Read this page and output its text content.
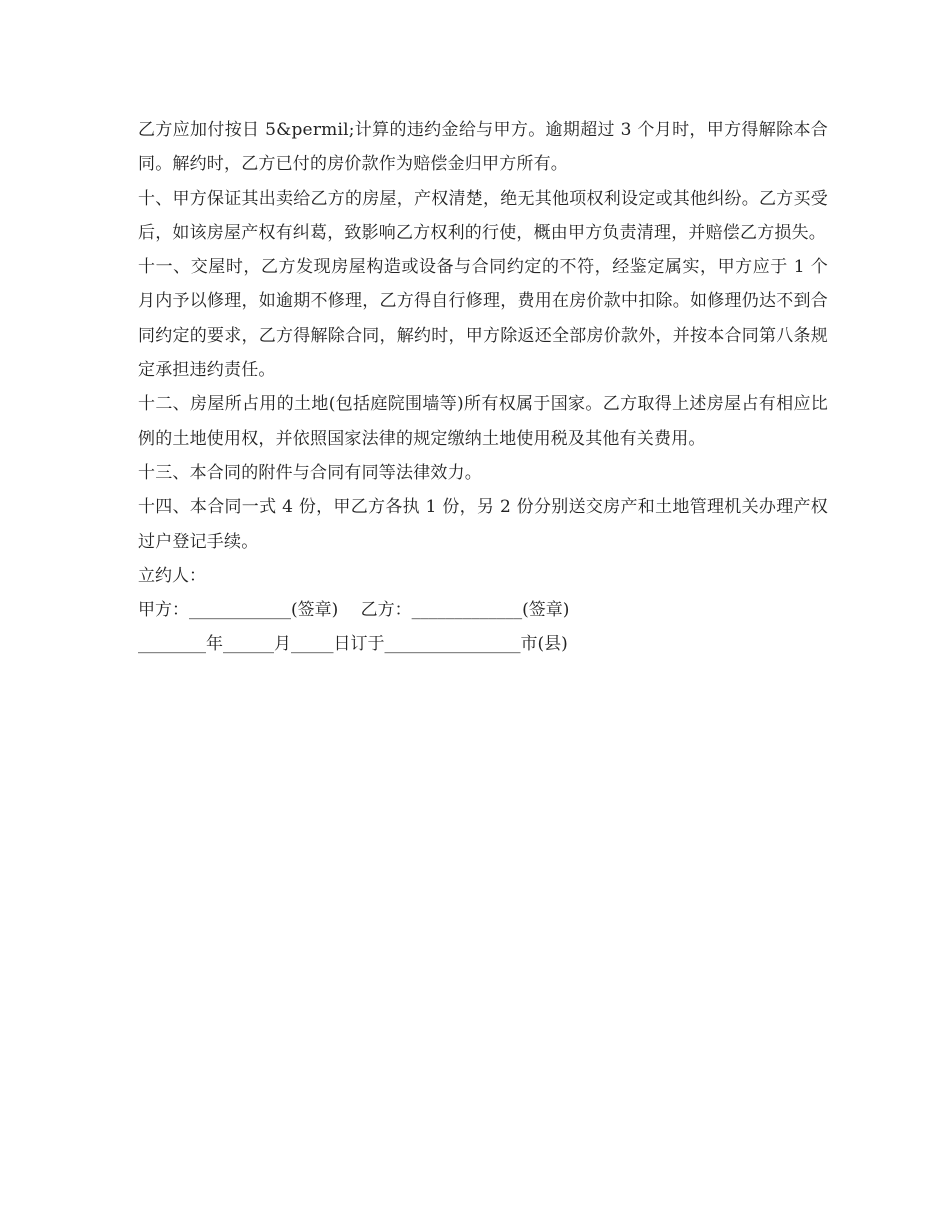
乙方应加付按日 5&permil;计算的违约金给与甲方。逾期超过 3 个月时，甲方得解除本合同。解约时，乙方已付的房价款作为赔偿金归甲方所有。

十、甲方保证其出卖给乙方的房屋，产权清楚，绝无其他项权利设定或其他纠纷。乙方买受后，如该房屋产权有纠葛，致影响乙方权利的行使，概由甲方负责清理，并赔偿乙方损失。

十一、交屋时，乙方发现房屋构造或设备与合同约定的不符，经鉴定属实，甲方应于 1 个月内予以修理，如逾期不修理，乙方得自行修理，费用在房价款中扣除。如修理仍达不到合同约定的要求，乙方得解除合同，解约时，甲方除返还全部房价款外，并按本合同第八条规定承担违约责任。

十二、房屋所占用的土地(包括庭院围墙等)所有权属于国家。乙方取得上述房屋占有相应比例的土地使用权，并依照国家法律的规定缴纳土地使用税及其他有关费用。

十三、本合同的附件与合同有同等法律效力。

十四、本合同一式 4 份，甲乙方各执 1 份，另 2 份分别送交房产和土地管理机关办理产权过户登记手续。

立约人：

甲方：____________(签章)　 乙方：_____________(签章)

________年______月_____日订于________________市(县)
